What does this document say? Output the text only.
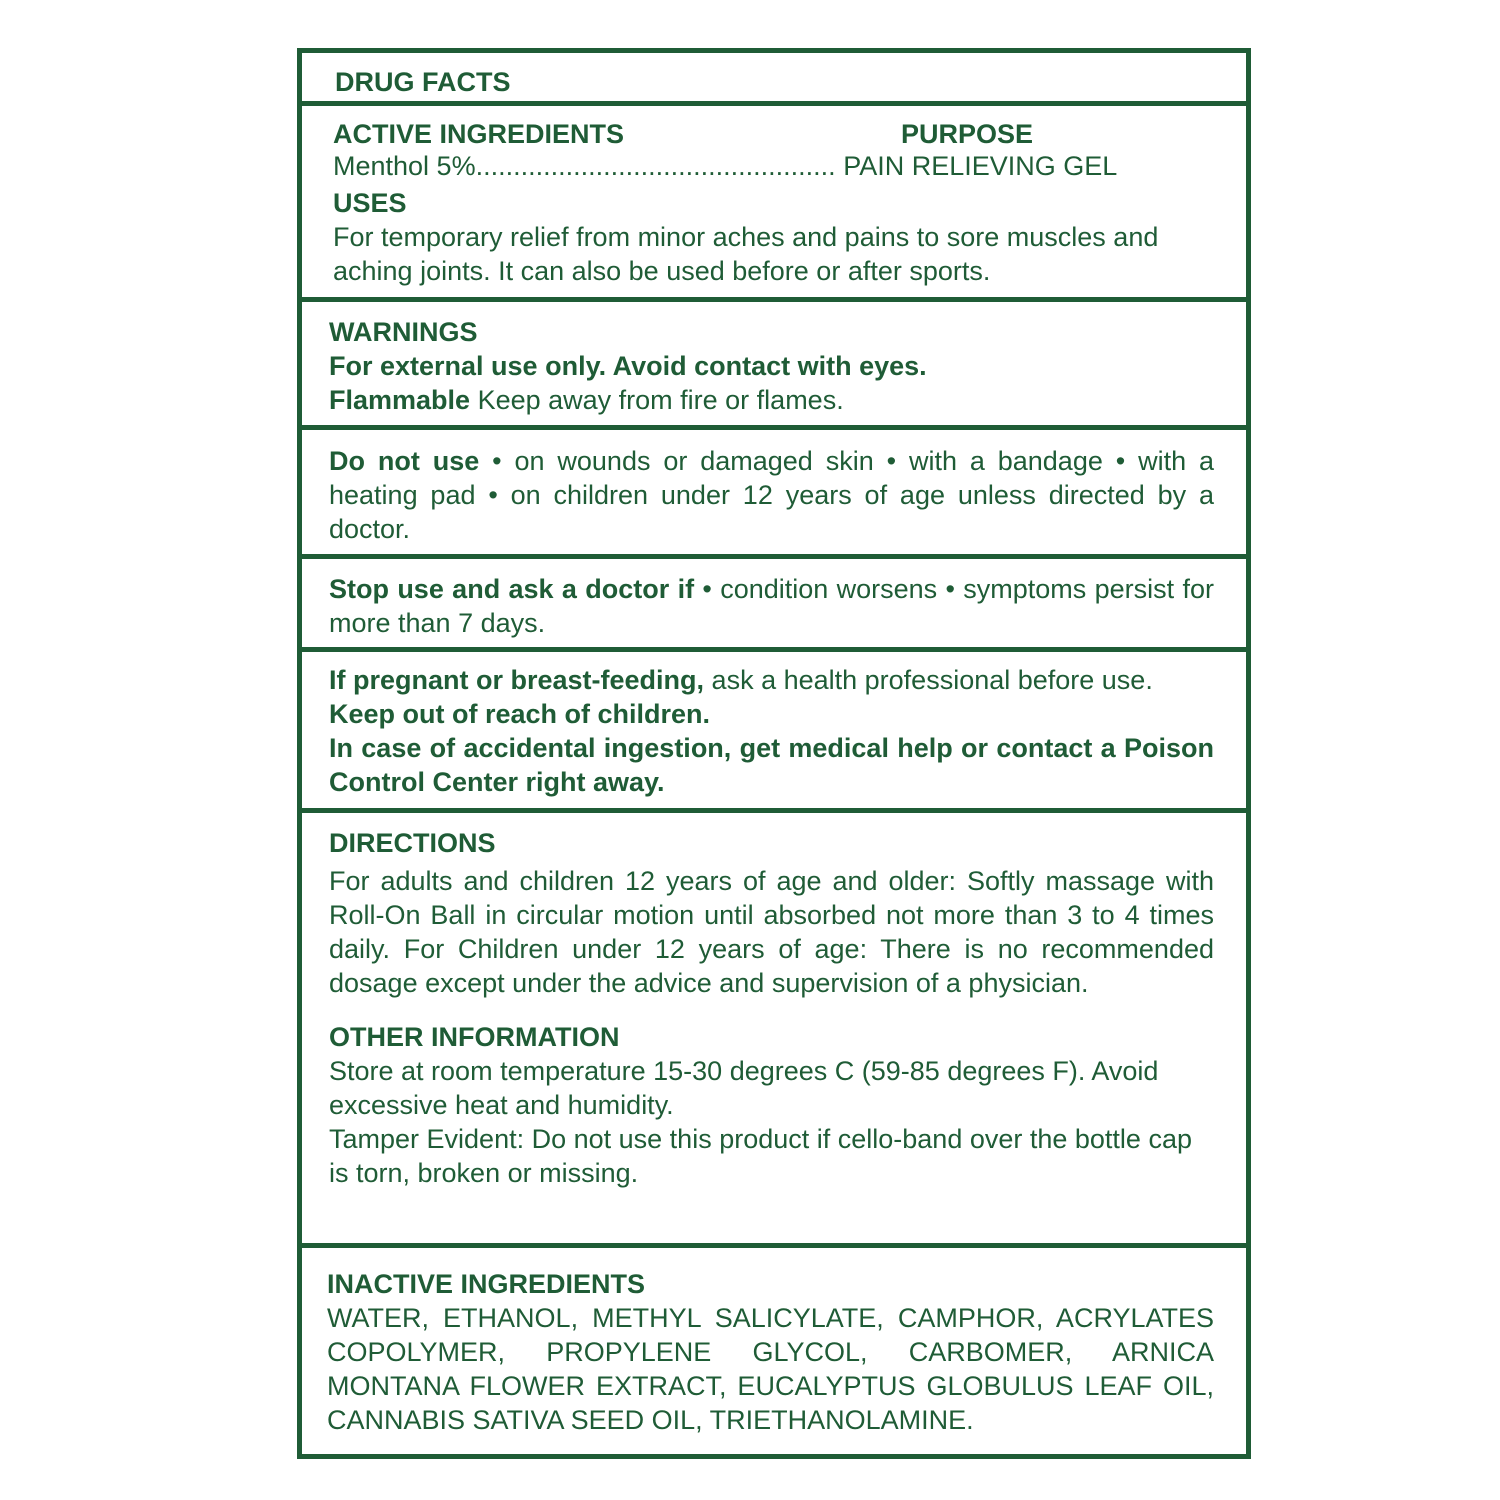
DRUG FACTS
ACTIVE INGREDIENTS	PURPOSE

Menthol 5%................................................ PAIN RELIEVING GEL

USES

For temporary relief from minor aches and pains to sore muscles and aching joints. It can also be used before or after sports.

WARNINGS

For external use only. Avoid contact with eyes.

Flammable Keep away from fire or flames.

Do not use • on wounds or damaged skin • with a bandage • with a heating pad • on children under 12 years of age unless directed by a doctor.

Stop use and ask a doctor if • condition worsens • symptoms persist for more than 7 days.

If pregnant or breast-feeding, ask a health professional before use.

Keep out of reach of children.

In case of accidental ingestion, get medical help or contact a Poison Control Center right away.

DIRECTIONS

For adults and children 12 years of age and older: Softly massage with Roll-On Ball in circular motion until absorbed not more than 3 to 4 times daily. For Children under 12 years of age: There is no recommended dosage except under the advice and supervision of a physician.

OTHER INFORMATION

Store at room temperature 15-30 degrees C (59-85 degrees F). Avoid excessive heat and humidity.

Tamper Evident: Do not use this product if cello-band over the bottle cap is torn, broken or missing.

INACTIVE INGREDIENTS

WATER, ETHANOL, METHYL SALICYLATE, CAMPHOR, ACRYLATES COPOLYMER, PROPYLENE GLYCOL, CARBOMER, ARNICA MONTANA FLOWER EXTRACT, EUCALYPTUS GLOBULUS LEAF OIL, CANNABIS SATIVA SEED OIL, TRIETHANOLAMINE.
